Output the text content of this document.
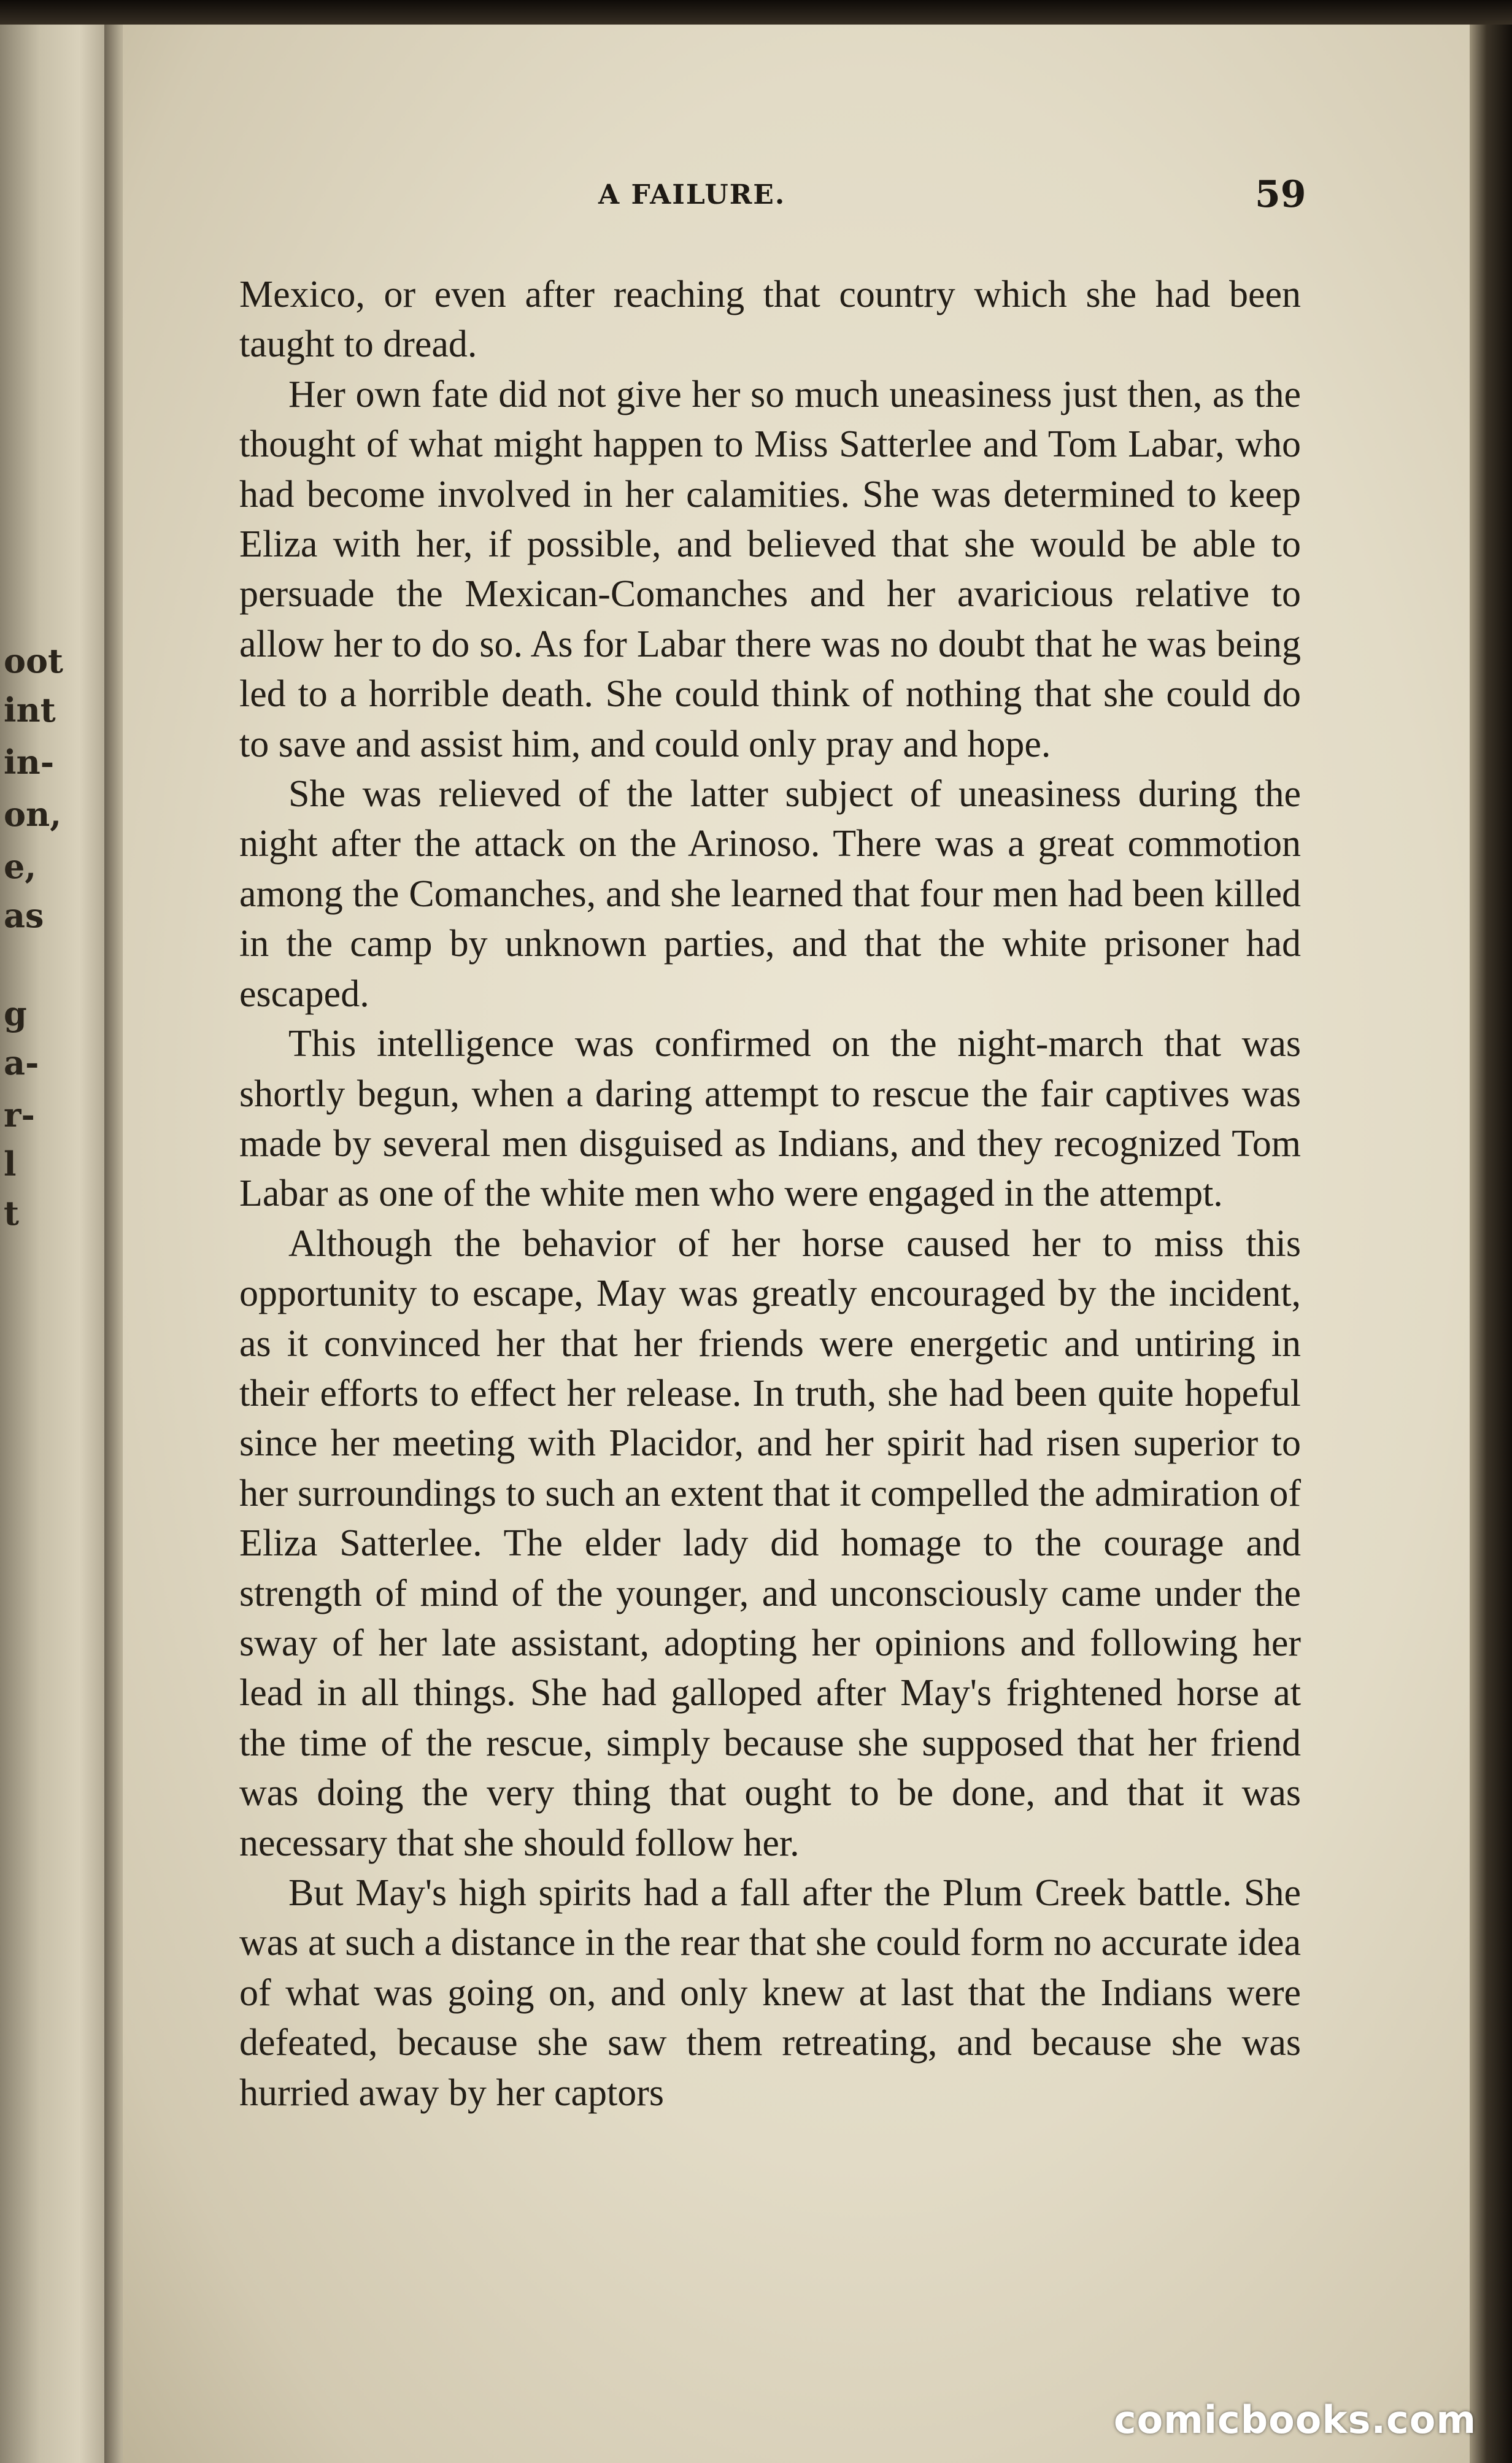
oot
int
in-
on,
e,
as
g
a-
r-
l
t
A FAILURE.	59

Mexico, or even after reaching that country which she had been taught to dread.

Her own fate did not give her so much uneasiness just then, as the thought of what might happen to Miss Satterlee and Tom Labar, who had become involved in her calamities. She was determined to keep Eliza with her, if possible, and believed that she would be able to persuade the Mexican-Comanches and her avaricious relative to allow her to do so. As for Labar there was no doubt that he was being led to a horrible death. She could think of nothing that she could do to save and assist him, and could only pray and hope.

She was relieved of the latter subject of uneasiness during the night after the attack on the Arinoso. There was a great commotion among the Comanches, and she learned that four men had been killed in the camp by unknown parties, and that the white prisoner had escaped.

This intelligence was confirmed on the night-march that was shortly begun, when a daring attempt to rescue the fair captives was made by several men disguised as Indians, and they recognized Tom Labar as one of the white men who were engaged in the attempt.

Although the behavior of her horse caused her to miss this opportunity to escape, May was greatly encouraged by the incident, as it convinced her that her friends were energetic and untiring in their efforts to effect her release. In truth, she had been quite hopeful since her meeting with Placidor, and her spirit had risen superior to her surroundings to such an extent that it compelled the admiration of Eliza Satterlee. The elder lady did homage to the courage and strength of mind of the younger, and unconsciously came under the sway of her late assistant, adopting her opinions and following her lead in all things. She had galloped after May's frightened horse at the time of the rescue, simply because she supposed that her friend was doing the very thing that ought to be done, and that it was necessary that she should follow her.

But May's high spirits had a fall after the Plum Creek battle. She was at such a distance in the rear that she could form no accurate idea of what was going on, and only knew at last that the Indians were defeated, because she saw them retreating, and because she was hurried away by her captors

comicbooks.com
